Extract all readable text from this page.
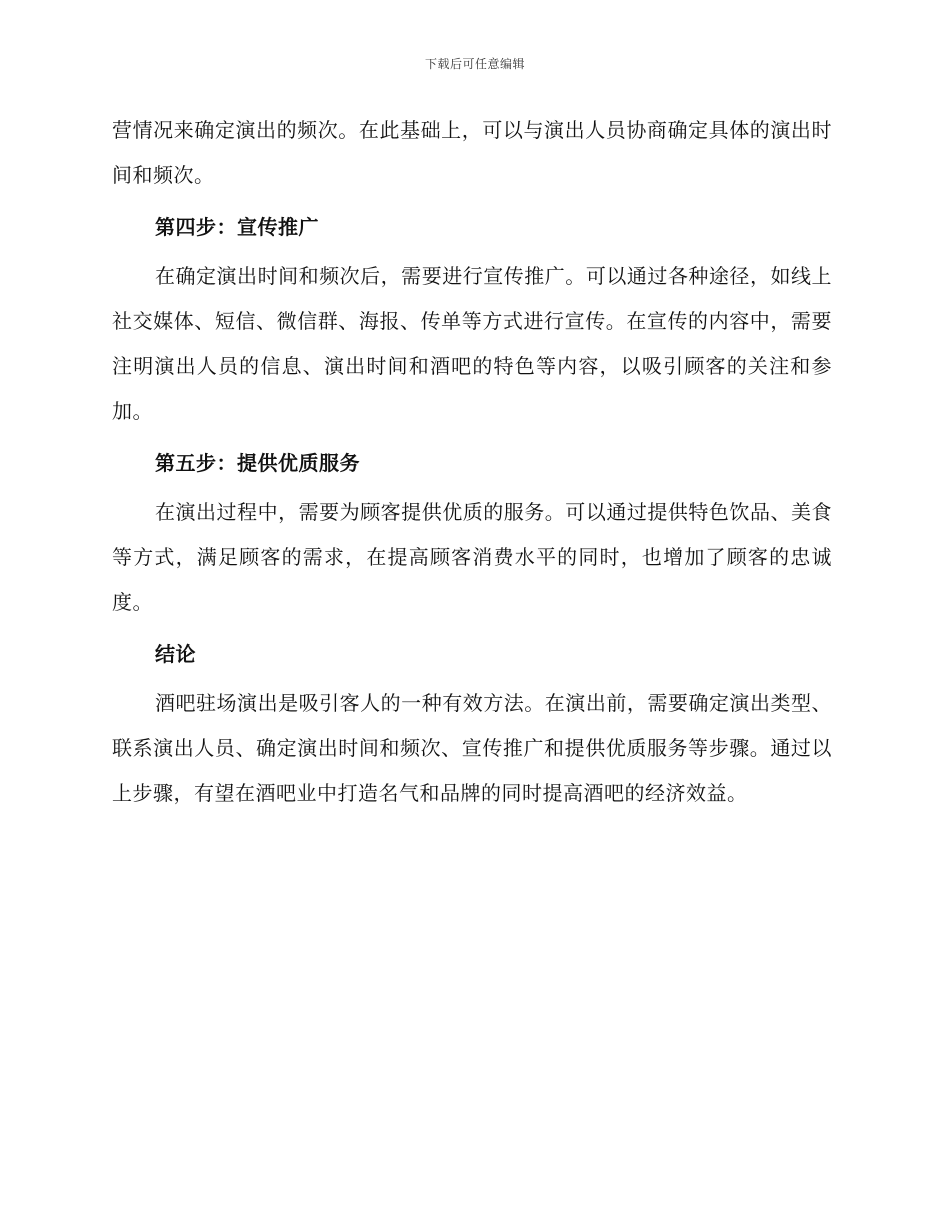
下载后可任意编辑

营情况来确定演出的频次。在此基础上，可以与演出人员协商确定具体的演出时间和频次。

第四步：宣传推广

在确定演出时间和频次后，需要进行宣传推广。可以通过各种途径，如线上社交媒体、短信、微信群、海报、传单等方式进行宣传。在宣传的内容中，需要注明演出人员的信息、演出时间和酒吧的特色等内容，以吸引顾客的关注和参加。

第五步：提供优质服务

在演出过程中，需要为顾客提供优质的服务。可以通过提供特色饮品、美食等方式，满足顾客的需求，在提高顾客消费水平的同时，也增加了顾客的忠诚度。

结论

酒吧驻场演出是吸引客人的一种有效方法。在演出前，需要确定演出类型、联系演出人员、确定演出时间和频次、宣传推广和提供优质服务等步骤。通过以上步骤，有望在酒吧业中打造名气和品牌的同时提高酒吧的经济效益。
